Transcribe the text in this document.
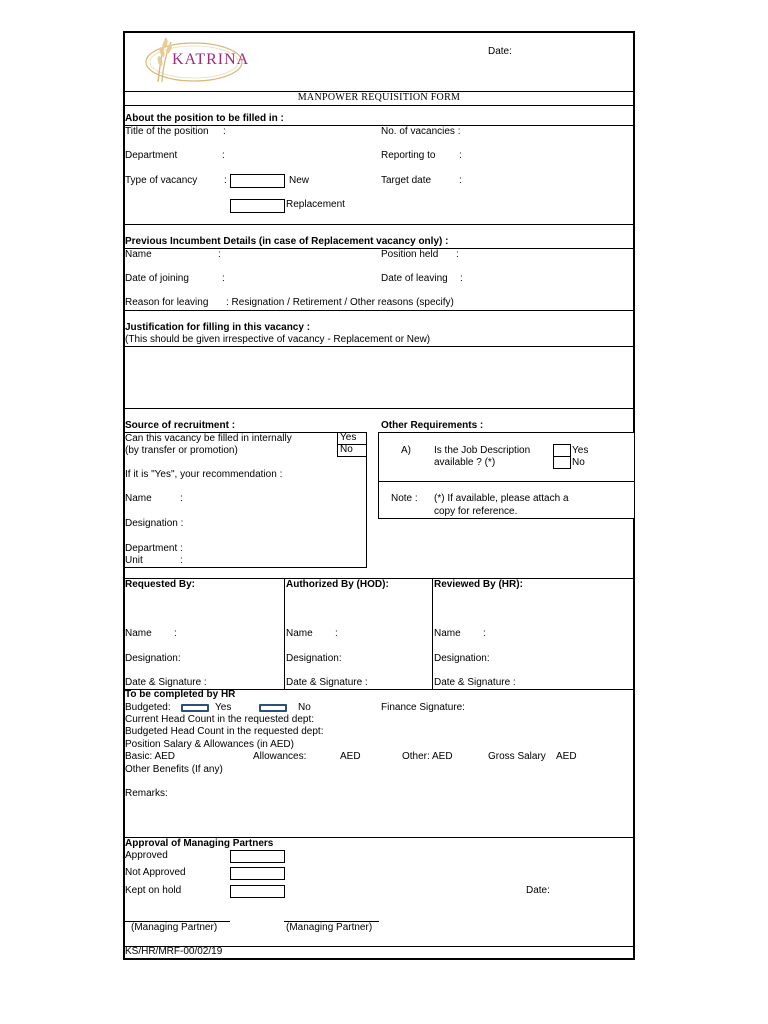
KATRINA	Date:
MANPOWER REQUISITION FORM
About the position to be filled in :
Title of the position :	No. of vacancies :
Department	:	Reporting to :
Type of vacancy	:	New	Target date	:
Replacement
Previous Incumbent Details (in case of Replacement vacancy only) :
Name	:	Position held :
Date of joining	:	Date of leaving :
Reason for leaving : Resignation / Retirement / Other reasons (specify)
Justification for filling in this vacancy :
(This should be given irrespective of vacancy - Replacement or New)
Source of recruitment :
Can this vacancy be filled in internally
(by transfer or promotion)
Yes
No
If it is "Yes", your recommendation :
Name	:
Designation :
Department :
Unit	:
Other Requirements :
A) Is the Job Description
available ? (*)
Yes
No
Note : (*) If available, please attach a
copy for reference.
Requested By:	Authorized By (HOD):	Reviewed By (HR):
Name :	Name :	Name :
Designation:	Designation:	Designation:
Date & Signature :	Date & Signature :	Date & Signature :
To be completed by HR
Budgeted:	Yes	No	Finance Signature:
Current Head Count in the requested dept:
Budgeted Head Count in the requested dept:
Position Salary & Allowances (in AED)
Basic: AED	Allowances:	AED	Other: AED	Gross Salary AED
Other Benefits (If any)
Remarks:
Approval of Managing Partners
Approved
Not Approved
Kept on hold	Date:
(Managing Partner)	(Managing Partner)
KS/HR/MRF-00/02/19
